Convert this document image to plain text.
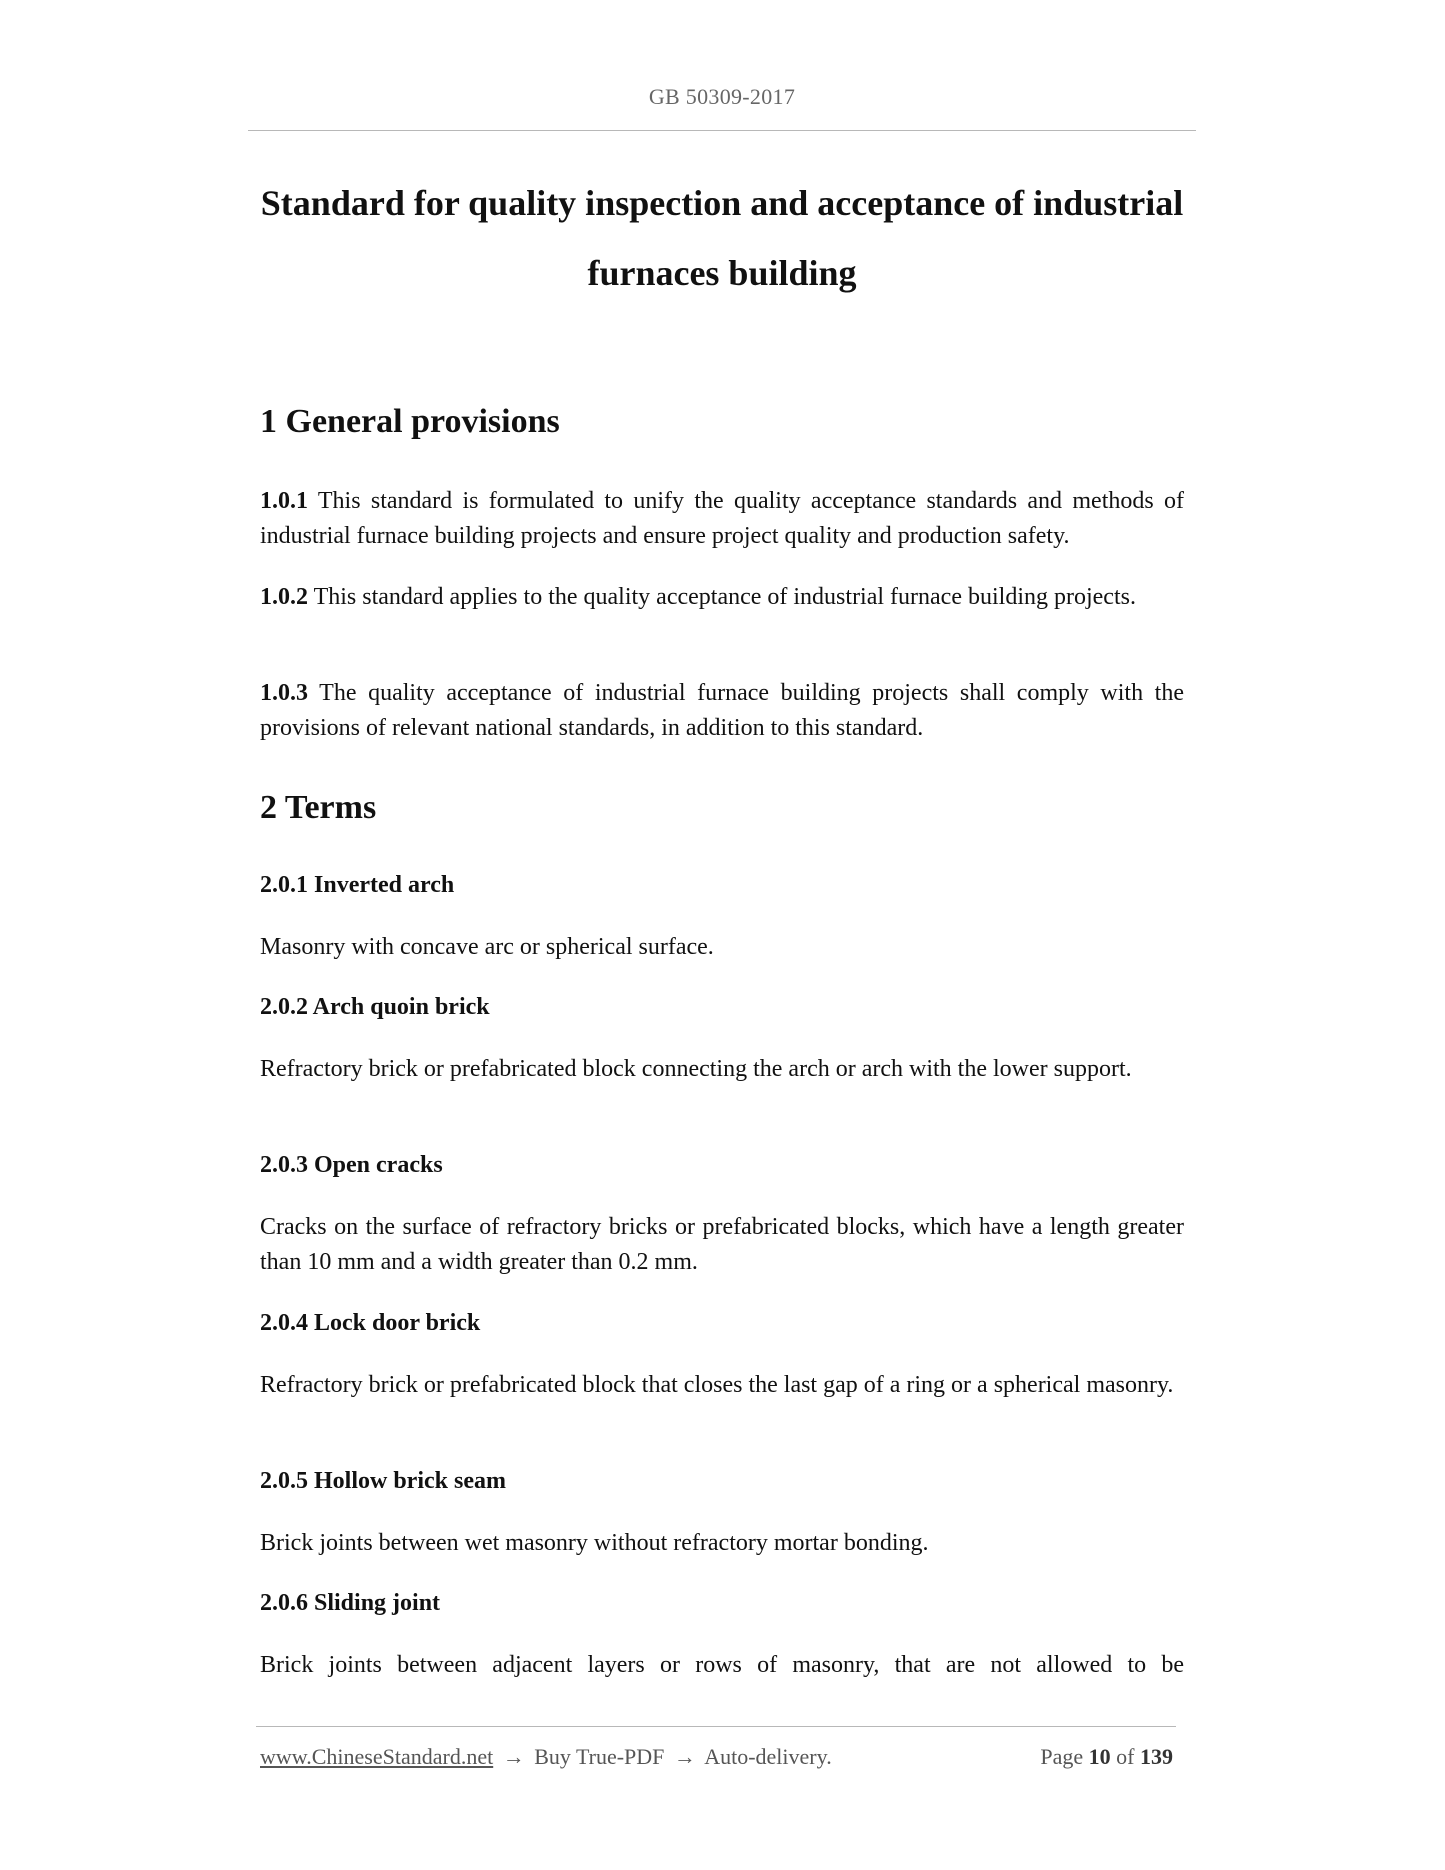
GB 50309-2017
Standard for quality inspection and acceptance of industrial
furnaces building
1 General provisions

1.0.1 This standard is formulated to unify the quality acceptance standards and methods of industrial furnace building projects and ensure project quality and production safety.

1.0.2 This standard applies to the quality acceptance of industrial furnace building projects.

1.0.3 The quality acceptance of industrial furnace building projects shall comply with the provisions of relevant national standards, in addition to this standard.

2 Terms
2.0.1 Inverted arch

Masonry with concave arc or spherical surface.

2.0.2 Arch quoin brick

Refractory brick or prefabricated block connecting the arch or arch with the lower support.

2.0.3 Open cracks

Cracks on the surface of refractory bricks or prefabricated blocks, which have a length greater than 10 mm and a width greater than 0.2 mm.

2.0.4 Lock door brick

Refractory brick or prefabricated block that closes the last gap of a ring or a spherical masonry.

2.0.5 Hollow brick seam

Brick joints between wet masonry without refractory mortar bonding.

2.0.6 Sliding joint

Brick joints between adjacent layers or rows of masonry, that are not allowed to be

www.ChineseStandard.net → Buy True-PDF → Auto-delivery.	Page 10 of 139
